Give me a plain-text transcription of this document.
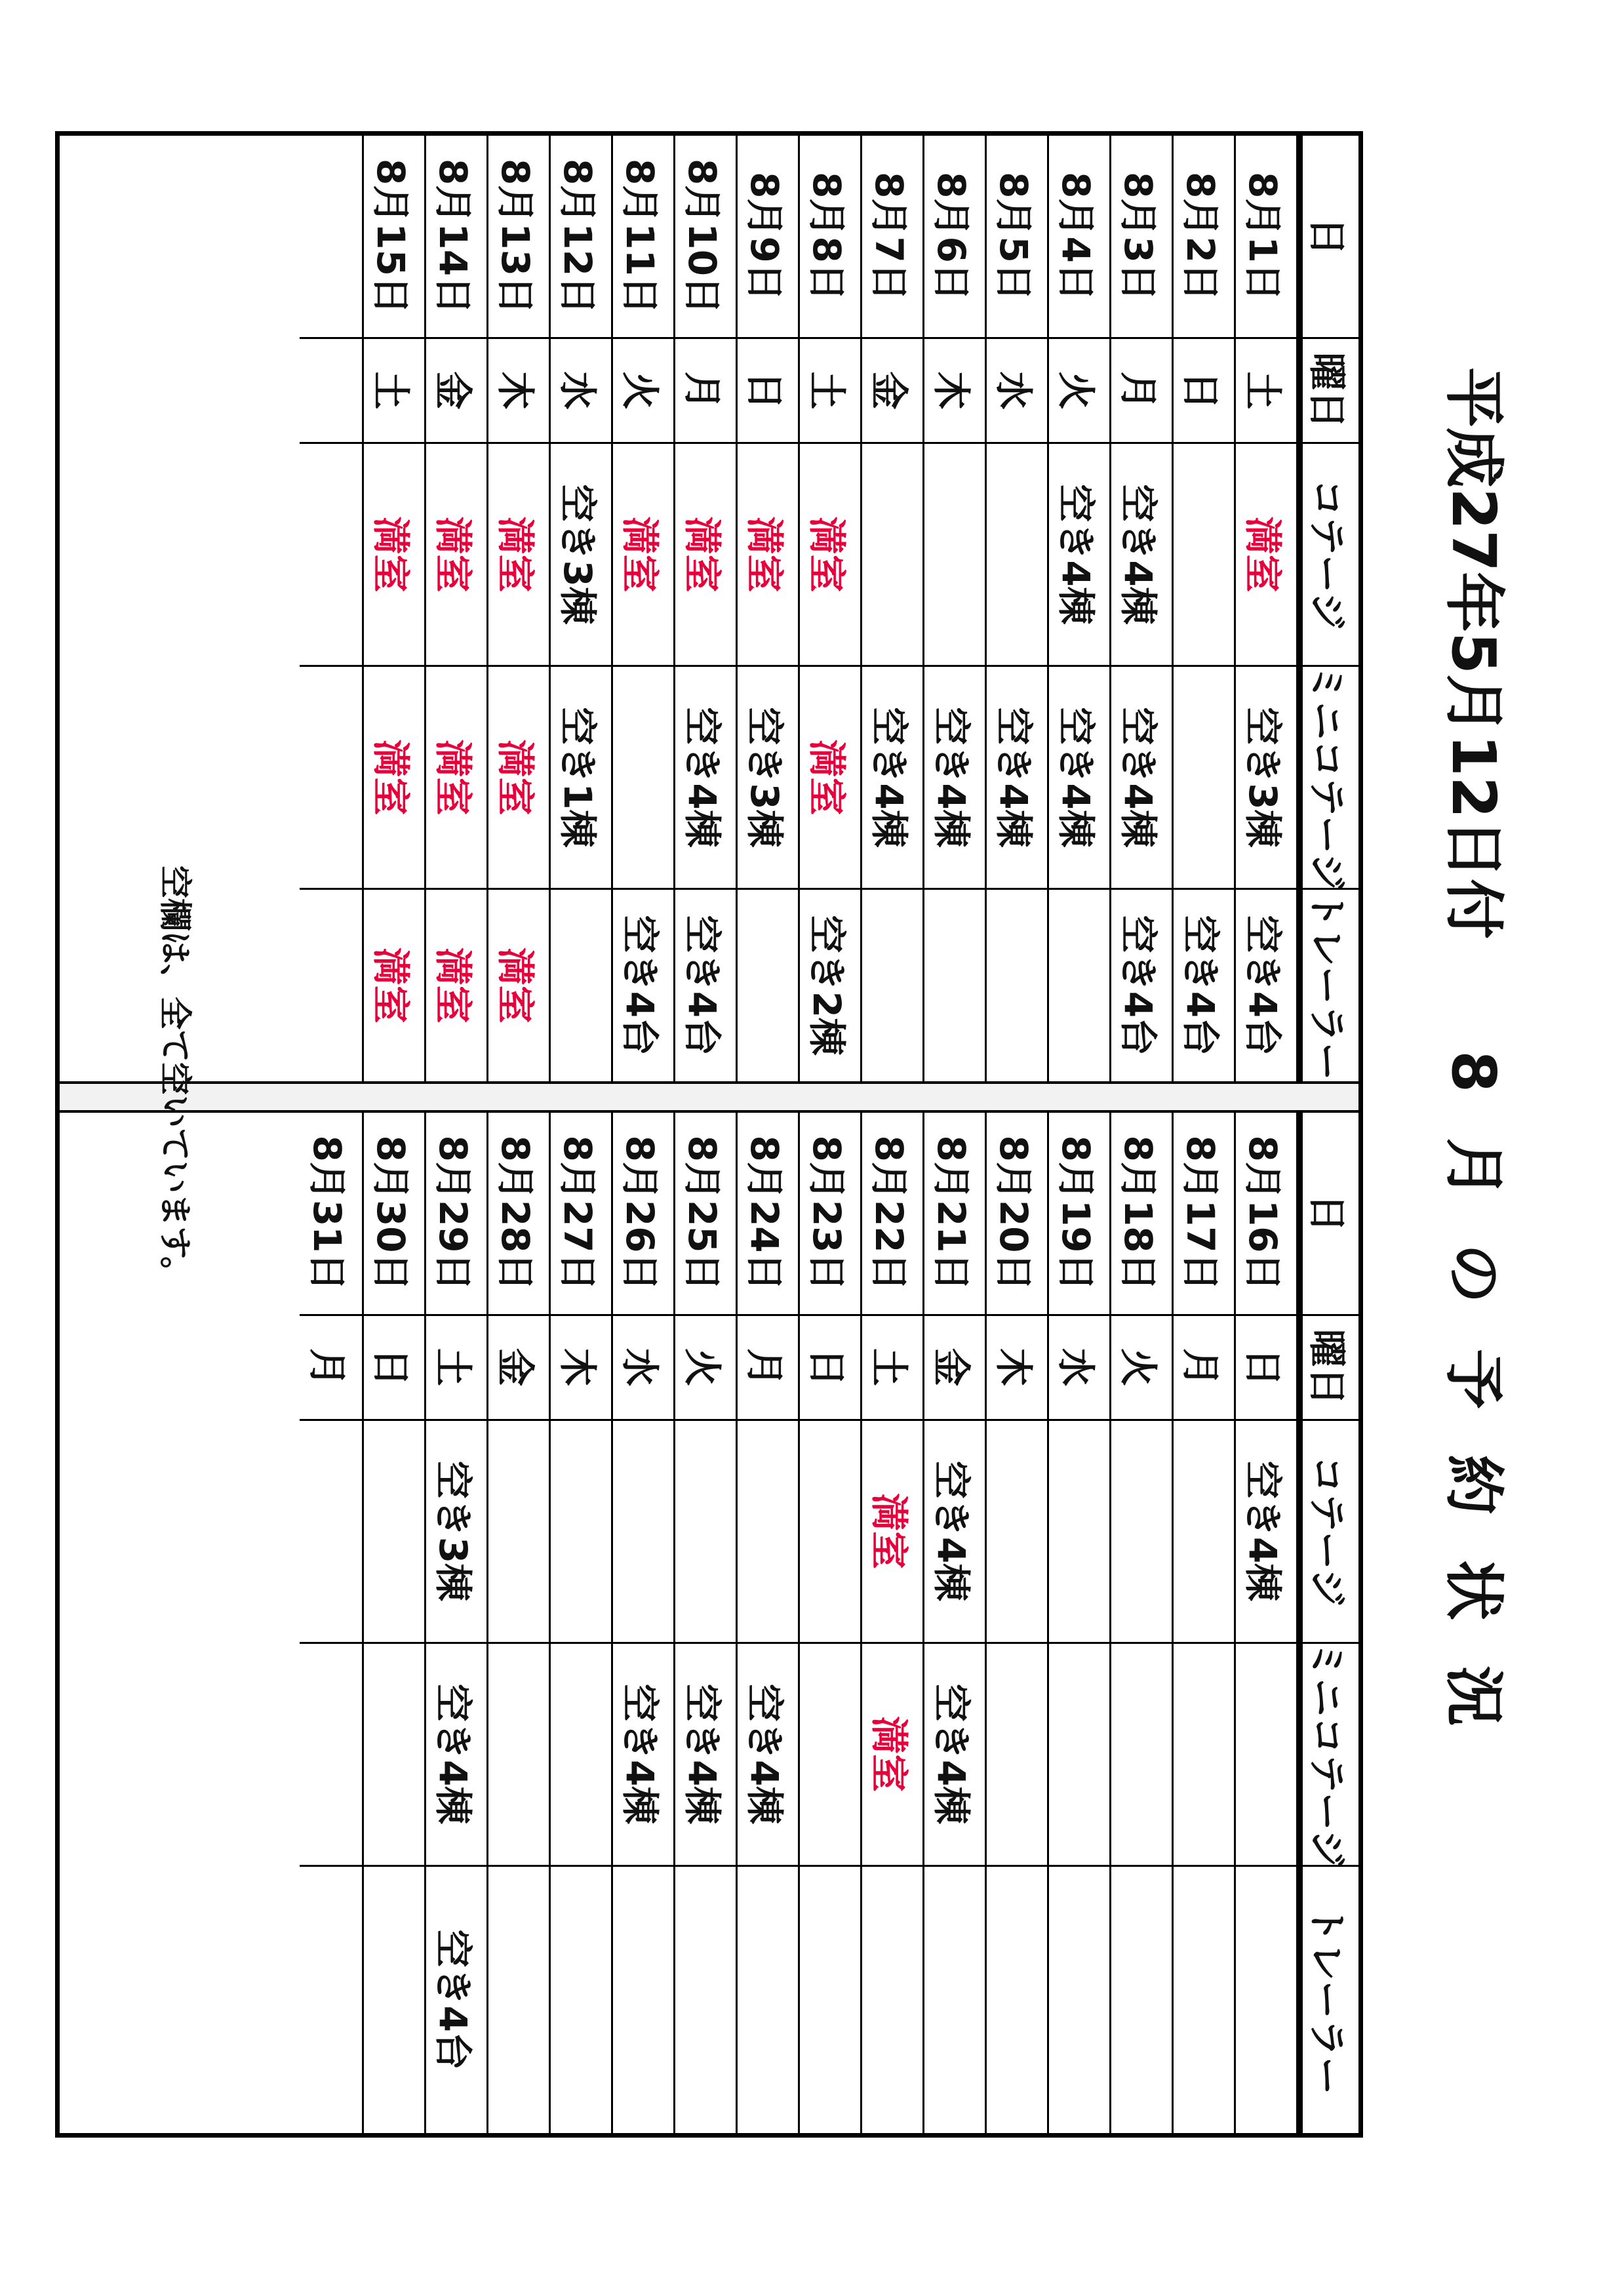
平成27年5月12日付8月の予約状況
日
曜日
コテージ
ミニコテージ
トレーラー
8月1日
土
満室
空き3棟
空き4台
8月2日
日
空き4台
8月3日
月
空き4棟
空き4棟
空き4台
8月4日
火
空き4棟
空き4棟
8月5日
水
空き4棟
8月6日
木
空き4棟
8月7日
金
空き4棟
8月8日
土
満室
満室
空き2棟
8月9日
日
満室
空き3棟
8月10日
月
満室
空き4棟
空き4台
8月11日
火
満室
空き4台
8月12日
水
空き3棟
空き1棟
8月13日
木
満室
満室
満室
8月14日
金
満室
満室
満室
8月15日
土
満室
満室
満室
日
曜日
コテージ
ミニコテージ
トレーラー
8月16日
日
空き4棟
8月17日
月
8月18日
火
8月19日
水
8月20日
木
8月21日
金
空き4棟
空き4棟
8月22日
土
満室
満室
8月23日
日
8月24日
月
空き4棟
8月25日
火
空き4棟
8月26日
水
空き4棟
8月27日
木
8月28日
金
8月29日
土
空き3棟
空き4棟
空き4台
8月30日
日
8月31日
月
空欄は、全て空いています。
